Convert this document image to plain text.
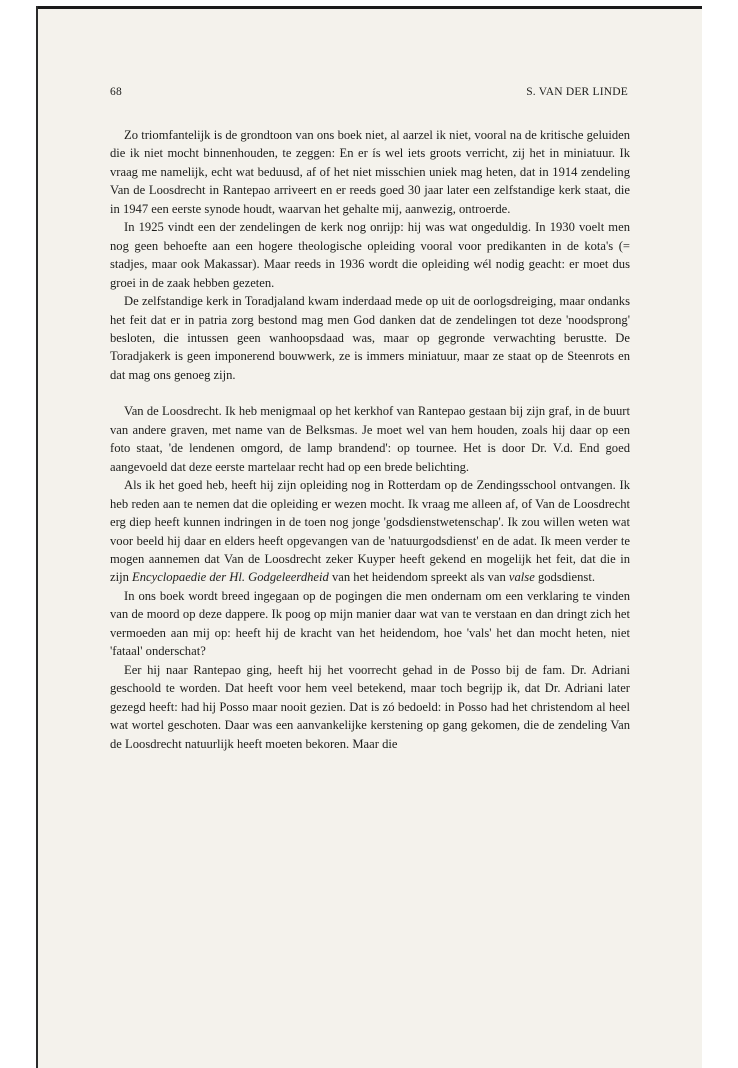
68	S. VAN DER LINDE

Zo triomfantelijk is de grondtoon van ons boek niet, al aarzel ik niet, vooral na de kritische geluiden die ik niet mocht binnenhouden, te zeggen: En er ís wel iets groots verricht, zij het in miniatuur. Ik vraag me namelijk, echt wat beduusd, af of het niet misschien uniek mag heten, dat in 1914 zendeling Van de Loosdrecht in Rantepao arriveert en er reeds goed 30 jaar later een zelfstandige kerk staat, die in 1947 een eerste synode houdt, waarvan het gehalte mij, aanwezig, ontroerde.

In 1925 vindt een der zendelingen de kerk nog onrijp: hij was wat ongeduldig. In 1930 voelt men nog geen behoefte aan een hogere theologische opleiding vooral voor predikanten in de kota's (= stadjes, maar ook Makassar). Maar reeds in 1936 wordt die opleiding wél nodig geacht: er moet dus groei in de zaak hebben gezeten.

De zelfstandige kerk in Toradjaland kwam inderdaad mede op uit de oorlogsdreiging, maar ondanks het feit dat er in patria zorg bestond mag men God danken dat de zendelingen tot deze 'noodsprong' besloten, die intussen geen wanhoopsdaad was, maar op gegronde verwachting berustte. De Toradjakerk is geen imponerend bouwwerk, ze is immers miniatuur, maar ze staat op de Steenrots en dat mag ons genoeg zijn.

Van de Loosdrecht. Ik heb menigmaal op het kerkhof van Rantepao gestaan bij zijn graf, in de buurt van andere graven, met name van de Belksmas. Je moet wel van hem houden, zoals hij daar op een foto staat, 'de lendenen omgord, de lamp brandend': op tournee. Het is door Dr. V.d. End goed aangevoeld dat deze eerste martelaar recht had op een brede belichting.

Als ik het goed heb, heeft hij zijn opleiding nog in Rotterdam op de Zendingsschool ontvangen. Ik heb reden aan te nemen dat die opleiding er wezen mocht. Ik vraag me alleen af, of Van de Loosdrecht erg diep heeft kunnen indringen in de toen nog jonge 'godsdienstwetenschap'. Ik zou willen weten wat voor beeld hij daar en elders heeft opgevangen van de 'natuurgodsdienst' en de adat. Ik meen verder te mogen aannemen dat Van de Loosdrecht zeker Kuyper heeft gekend en mogelijk het feit, dat die in zijn Encyclopaedie der Hl. Godgeleerdheid van het heidendom spreekt als van valse godsdienst.

In ons boek wordt breed ingegaan op de pogingen die men ondernam om een verklaring te vinden van de moord op deze dappere. Ik poog op mijn manier daar wat van te verstaan en dan dringt zich het vermoeden aan mij op: heeft hij de kracht van het heidendom, hoe 'vals' het dan mocht heten, niet 'fataal' onderschat?

Eer hij naar Rantepao ging, heeft hij het voorrecht gehad in de Posso bij de fam. Dr. Adriani geschoold te worden. Dat heeft voor hem veel betekend, maar toch begrijp ik, dat Dr. Adriani later gezegd heeft: had hij Posso maar nooit gezien. Dat is zó bedoeld: in Posso had het christendom al heel wat wortel geschoten. Daar was een aanvankelijke kerstening op gang gekomen, die de zendeling Van de Loosdrecht natuurlijk heeft moeten bekoren. Maar die
